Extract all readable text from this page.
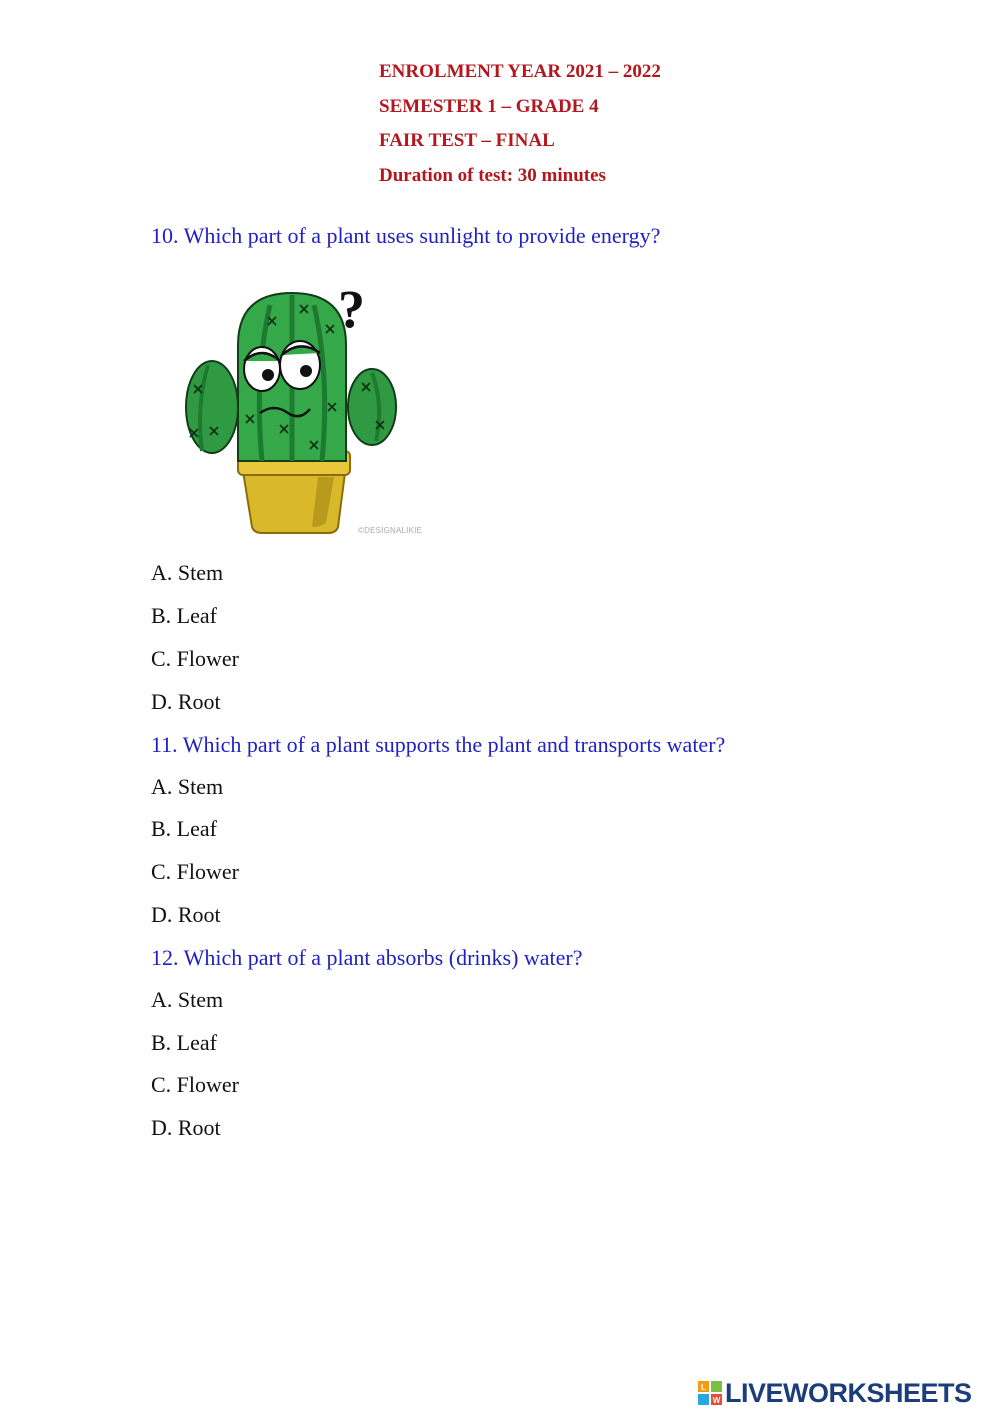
ENROLMENT YEAR 2021 – 2022
SEMESTER 1 – GRADE 4
FAIR TEST – FINAL
Duration of test: 30 minutes
10. Which part of a plant uses sunlight to provide energy?
?
©DESIGNALIKIE
A. Stem
B. Leaf
C. Flower
D. Root
11. Which part of a plant supports the plant and transports water?
A. Stem
B. Leaf
C. Flower
D. Root
12. Which part of a plant absorbs (drinks) water?
A. Stem
B. Leaf
C. Flower
D. Root
L
W LIVEWORKSHEETS
